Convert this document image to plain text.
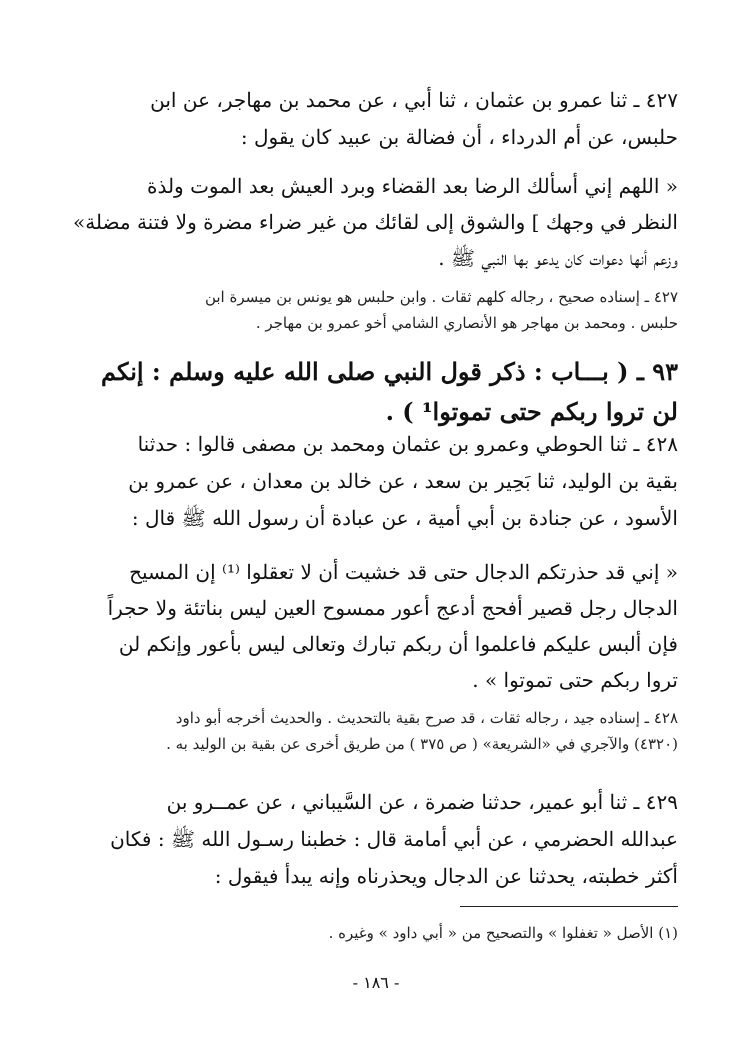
٤٢٧ ـ ثنا عمرو بن عثمان ، ثنا أبي ، عن محمد بن مهاجر، عن ابن

حلبس، عن أم الدرداء ، أن فضالة بن عبيد كان يقول :

« اللهم إني أسألك الرضا بعد القضاء وبرد العيش بعد الموت ولذة

النظر في وجهك ] والشوق إلى لقائك من غير ضراء مضرة ولا فتنة مضلة»

وزعم أنها دعوات كان يدعو بها النبي ﷺ .

٤٢٧ ـ إسناده صحيح ، رجاله كلهم ثقات . وابن حلبس هو يونس بن ميسرة ابن

حلبس . ومحمد بن مهاجر هو الأنصاري الشامي أخو عمرو بن مهاجر .

٩٣ ـ ( بـــاب : ذكر قول النبي صلى الله عليه وسلم : إنكم

لن تروا ربكم حتى تموتوا¹ ) .

٤٢٨ ـ ثنا الحوطي وعمرو بن عثمان ومحمد بن مصفى قالوا : حدثنا

بقية بن الوليد، ثنا بَحِير بن سعد ، عن خالد بن معدان ، عن عمرو بن

الأسود ، عن جنادة بن أبي أمية ، عن عبادة أن رسول الله ﷺ قال :

« إني قد حذرتكم الدجال حتى قد خشيت أن لا تعقلوا ⁽¹⁾ إن المسيح

الدجال رجل قصير أفحج أدعج أعور ممسوح العين ليس بناتئة ولا حجراً

فإن ألبس عليكم فاعلموا أن ربكم تبارك وتعالى ليس بأعور وإنكم لن

تروا ربكم حتى تموتوا » .

٤٢٨ ـ إسناده جيد ، رجاله ثقات ، قد صرح بقية بالتحديث . والحديث أخرجه أبو داود

(٤٣٢٠) والآجري في «الشريعة» ( ص ٣٧٥ ) من طريق أخرى عن بقية بن الوليد به .

٤٢٩ ـ ثنا أبو عمير، حدثنا ضمرة ، عن السَّيباني ، عن عمــرو بن

عبدالله الحضرمي ، عن أبي أمامة قال : خطبنا رسـول الله ﷺ : فكان

أكثر خطبته، يحدثنا عن الدجال ويحذرناه وإنه يبدأ فيقول :

(١) الأصل « تغفلوا » والتصحيح من « أبي داود » وغيره .

- ١٨٦ -
